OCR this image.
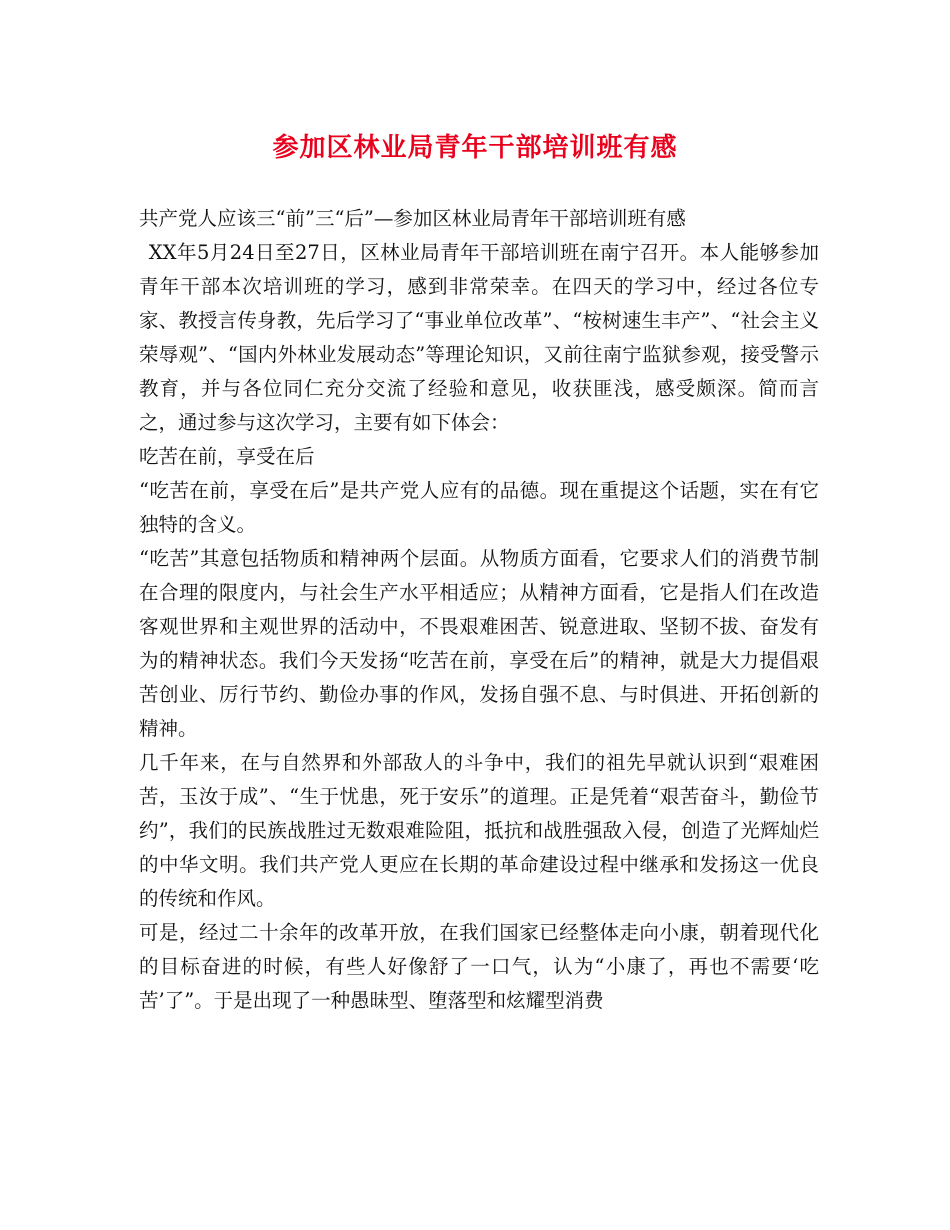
参加区林业局青年干部培训班有感

共产党人应该三“前”三“后”—参加区林业局青年干部培训班有感

XX年5月24日至27日，区林业局青年干部培训班在南宁召开。本人能够参加青年干部本次培训班的学习，感到非常荣幸。在四天的学习中，经过各位专家、教授言传身教，先后学习了“事业单位改革”、“桉树速生丰产”、“社会主义荣辱观”、“国内外林业发展动态”等理论知识，又前往南宁监狱参观，接受警示教育，并与各位同仁充分交流了经验和意见，收获匪浅，感受颇深。简而言之，通过参与这次学习，主要有如下体会：

吃苦在前，享受在后

“吃苦在前，享受在后”是共产党人应有的品德。现在重提这个话题，实在有它独特的含义。

“吃苦”其意包括物质和精神两个层面。从物质方面看，它要求人们的消费节制在合理的限度内，与社会生产水平相适应；从精神方面看，它是指人们在改造客观世界和主观世界的活动中，不畏艰难困苦、锐意进取、坚韧不拔、奋发有为的精神状态。我们今天发扬“吃苦在前，享受在后”的精神，就是大力提倡艰苦创业、厉行节约、勤俭办事的作风，发扬自强不息、与时俱进、开拓创新的精神。

几千年来，在与自然界和外部敌人的斗争中，我们的祖先早就认识到“艰难困苦，玉汝于成”、“生于忧患，死于安乐”的道理。正是凭着“艰苦奋斗，勤俭节约”，我们的民族战胜过无数艰难险阻，抵抗和战胜强敌入侵，创造了光辉灿烂的中华文明。我们共产党人更应在长期的革命建设过程中继承和发扬这一优良的传统和作风。

可是，经过二十余年的改革开放，在我们国家已经整体走向小康，朝着现代化的目标奋进的时候，有些人好像舒了一口气，认为“小康了，再也不需要‘吃苦’了”。于是出现了一种愚昧型、堕落型和炫耀型消费
